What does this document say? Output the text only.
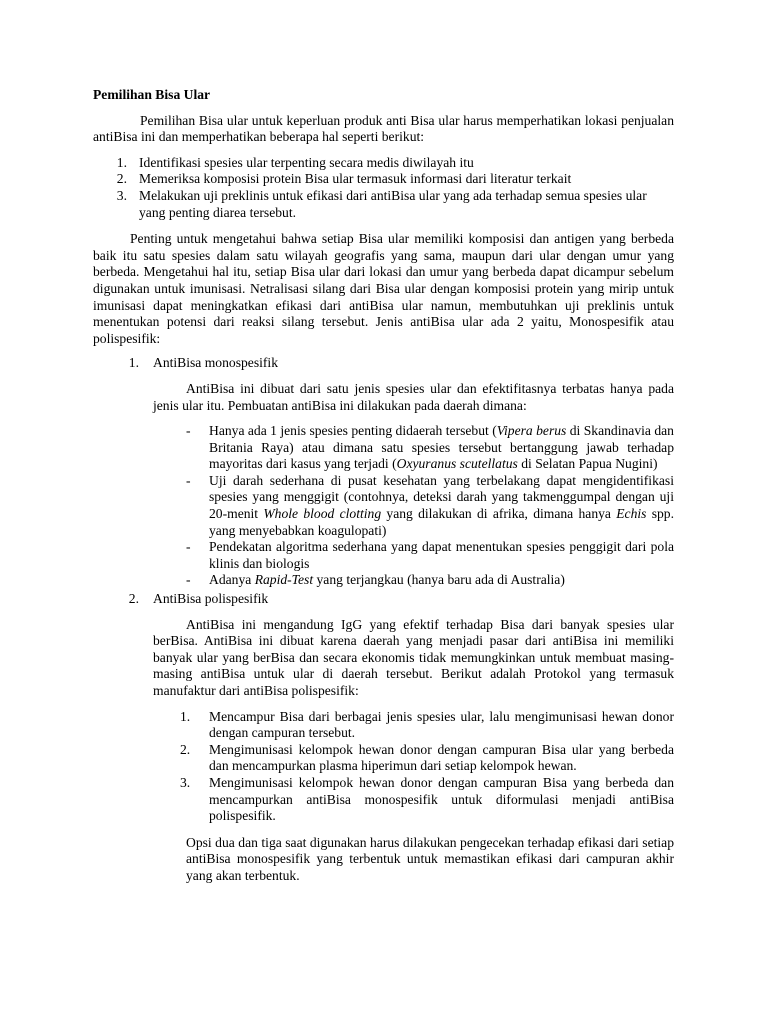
Pemilihan Bisa Ular

Pemilihan Bisa ular untuk keperluan produk anti Bisa ular harus memperhatikan lokasi penjualan antiBisa ini dan memperhatikan beberapa hal seperti berikut:

1. Identifikasi spesies ular terpenting secara medis diwilayah itu
2. Memeriksa komposisi protein Bisa ular termasuk informasi dari literatur terkait
3. Melakukan uji preklinis untuk efikasi dari antiBisa ular yang ada terhadap semua spesies ular yang penting diarea tersebut.

Penting untuk mengetahui bahwa setiap Bisa ular memiliki komposisi dan antigen yang berbeda baik itu satu spesies dalam satu wilayah geografis yang sama, maupun dari ular dengan umur yang berbeda. Mengetahui hal itu, setiap Bisa ular dari lokasi dan umur yang berbeda dapat dicampur sebelum digunakan untuk imunisasi. Netralisasi silang dari Bisa ular dengan komposisi protein yang mirip untuk imunisasi dapat meningkatkan efikasi dari antiBisa ular namun, membutuhkan uji preklinis untuk menentukan potensi dari reaksi silang tersebut. Jenis antiBisa ular ada 2 yaitu, Monospesifik atau polispesifik:

1. AntiBisa monospesifik

AntiBisa ini dibuat dari satu jenis spesies ular dan efektifitasnya terbatas hanya pada jenis ular itu. Pembuatan antiBisa ini dilakukan pada daerah dimana:

- Hanya ada 1 jenis spesies penting didaerah tersebut (Vipera berus di Skandinavia dan Britania Raya) atau dimana satu spesies tersebut bertanggung jawab terhadap mayoritas dari kasus yang terjadi (Oxyuranus scutellatus di Selatan Papua Nugini)
- Uji darah sederhana di pusat kesehatan yang terbelakang dapat mengidentifikasi spesies yang menggigit (contohnya, deteksi darah yang takmenggumpal dengan uji 20-menit Whole blood clotting yang dilakukan di afrika, dimana hanya Echis spp. yang menyebabkan koagulopati)
- Pendekatan algoritma sederhana yang dapat menentukan spesies penggigit dari pola klinis dan biologis
- Adanya Rapid-Test yang terjangkau (hanya baru ada di Australia)
2. AntiBisa polispesifik

AntiBisa ini mengandung IgG yang efektif terhadap Bisa dari banyak spesies ular berBisa. AntiBisa ini dibuat karena daerah yang menjadi pasar dari antiBisa ini memiliki banyak ular yang berBisa dan secara ekonomis tidak memungkinkan untuk membuat masing-masing antiBisa untuk ular di daerah tersebut. Berikut adalah Protokol yang termasuk manufaktur dari antiBisa polispesifik:

1. Mencampur Bisa dari berbagai jenis spesies ular, lalu mengimunisasi hewan donor dengan campuran tersebut.
2. Mengimunisasi kelompok hewan donor dengan campuran Bisa ular yang berbeda dan mencampurkan plasma hiperimun dari setiap kelompok hewan.
3. Mengimunisasi kelompok hewan donor dengan campuran Bisa yang berbeda dan mencampurkan antiBisa monospesifik untuk diformulasi menjadi antiBisa polispesifik.

Opsi dua dan tiga saat digunakan harus dilakukan pengecekan terhadap efikasi dari setiap antiBisa monospesifik yang terbentuk untuk memastikan efikasi dari campuran akhir yang akan terbentuk.
